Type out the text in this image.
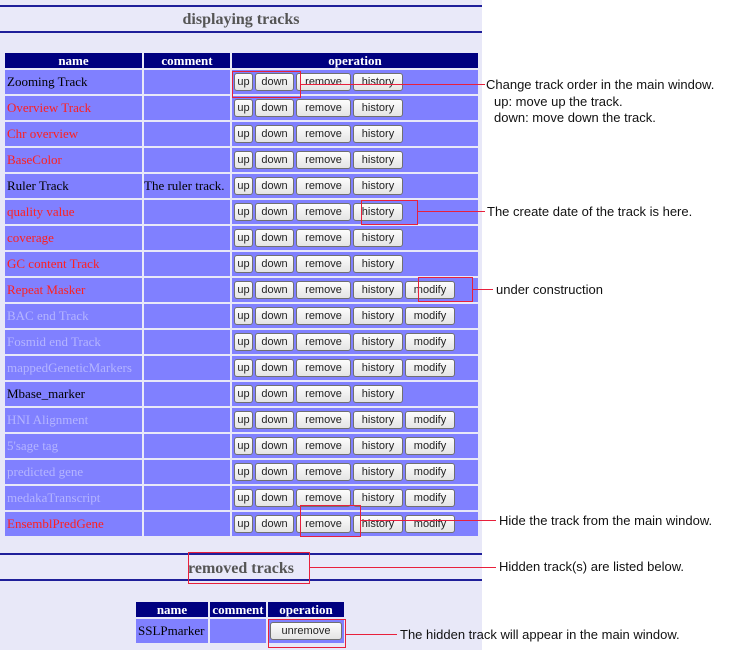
displaying tracks
name	comment	operation
Zooming Track		up down remove history
Overview Track		up down remove history
Chr overview		up down remove history
BaseColor		up down remove history
Ruler Track	The ruler track.	up down remove history
quality value		up down remove history
coverage		up down remove history
GC content Track		up down remove history
Repeat Masker		up down remove history modify
BAC end Track		up down remove history modify
Fosmid end Track		up down remove history modify
mappedGeneticMarkers		up down remove history modify
Mbase_marker		up down remove history
HNI Alignment		up down remove history modify
5'sage tag		up down remove history modify
predicted gene		up down remove history modify
medakaTranscript		up down remove history modify
EnsemblPredGene		up down remove history modify
removed tracks
name	comment	operation
SSLPmarker		unremove
Change track order in the main window.
up: move up the track.
down: move down the track.
The create date of the track is here.
under construction
Hide the track from the main window.
Hidden track(s) are listed below.
The hidden track will appear in the main window.
